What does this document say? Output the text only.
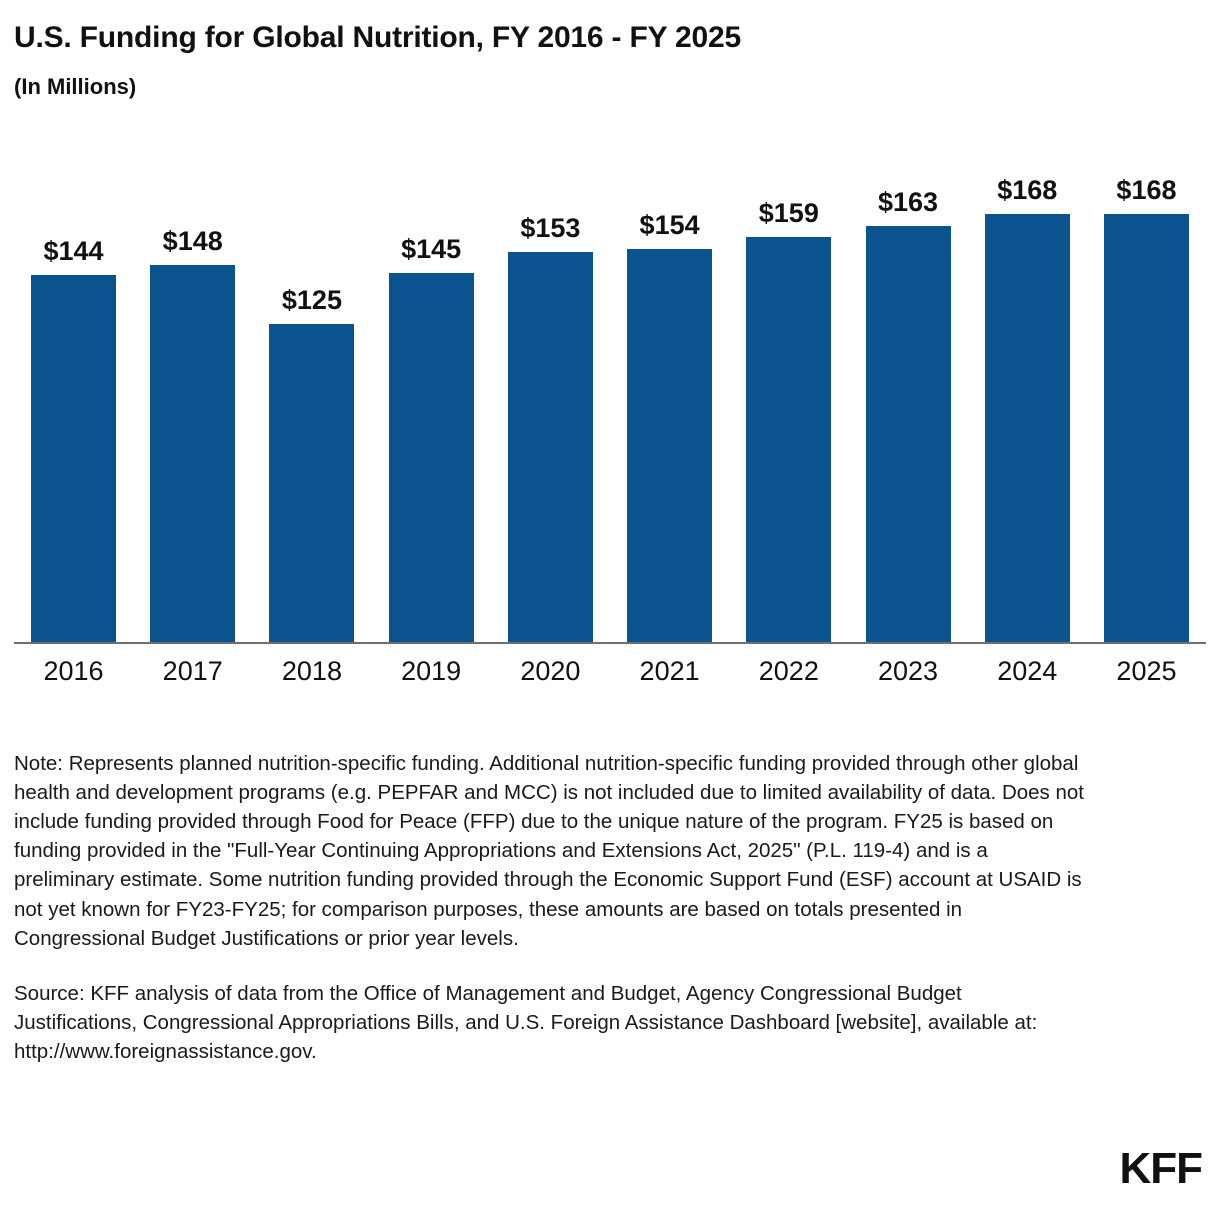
U.S. Funding for Global Nutrition, FY 2016 - FY 2025
(In Millions)
$144 $148
$125
$145
$153 $154 $159 $163 $168 $168
2016	2017	2018	2019	2020	2021	2022	2023	2024	2025
Note: Represents planned nutrition-specific funding. Additional nutrition-specific funding provided through other global health and development programs (e.g. PEPFAR and MCC) is not included due to limited availability of data. Does not include funding provided through Food for Peace (FFP) due to the unique nature of the program. FY25 is based on funding provided in the "Full-Year Continuing Appropriations and Extensions Act, 2025" (P.L. 119-4) and is a preliminary estimate. Some nutrition funding provided through the Economic Support Fund (ESF) account at USAID is not yet known for FY23-FY25; for comparison purposes, these amounts are based on totals presented in Congressional Budget Justifications or prior year levels.
Source: KFF analysis of data from the Office of Management and Budget, Agency Congressional Budget Justifications, Congressional Appropriations Bills, and U.S. Foreign Assistance Dashboard [website], available at: http://www.foreignassistance.gov.
KFF
